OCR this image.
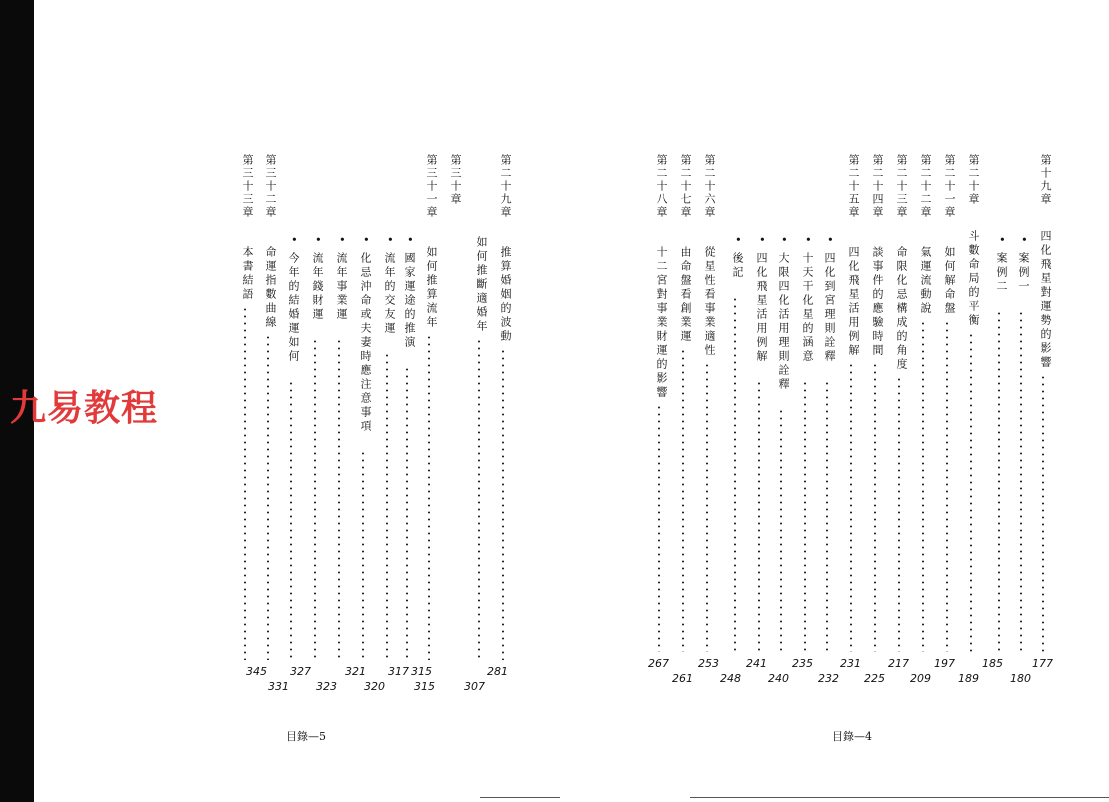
九易教程
第二十九章
推算婚姻的波動
281
如何推斷適婚年
307
第三十章
第三十一章
如何推算流年
315
• 國家運途的推演
315
• 流年的交友運
317
• 化忌沖命或夫妻時應注意事項
320
• 流年事業運
321
• 流年錢財運
323
• 今年的結婚運如何
327
第三十二章
命運指數曲線
331
第三十三章
本書結語
345
目錄—5
第十九章
四化飛星對運勢的影響
177
• 案例一
180
• 案例二
185
第二十章
斗數命局的平衡
189
第二十一章
如何解命盤
197
第二十二章
氣運流動說
209
第二十三章
命限化忌構成的角度
217
第二十四章
談事件的應驗時間
225
第二十五章
四化飛星活用例解
231
• 四化到宮理則詮釋
232
• 十天干化星的涵意
235
• 大限四化活用理則詮釋
240
• 四化飛星活用例解
241
• 後記
248
第二十六章
從星性看事業適性
253
第二十七章
由命盤看創業運
261
第二十八章
十二宮對事業財運的影響
267
目錄—4
